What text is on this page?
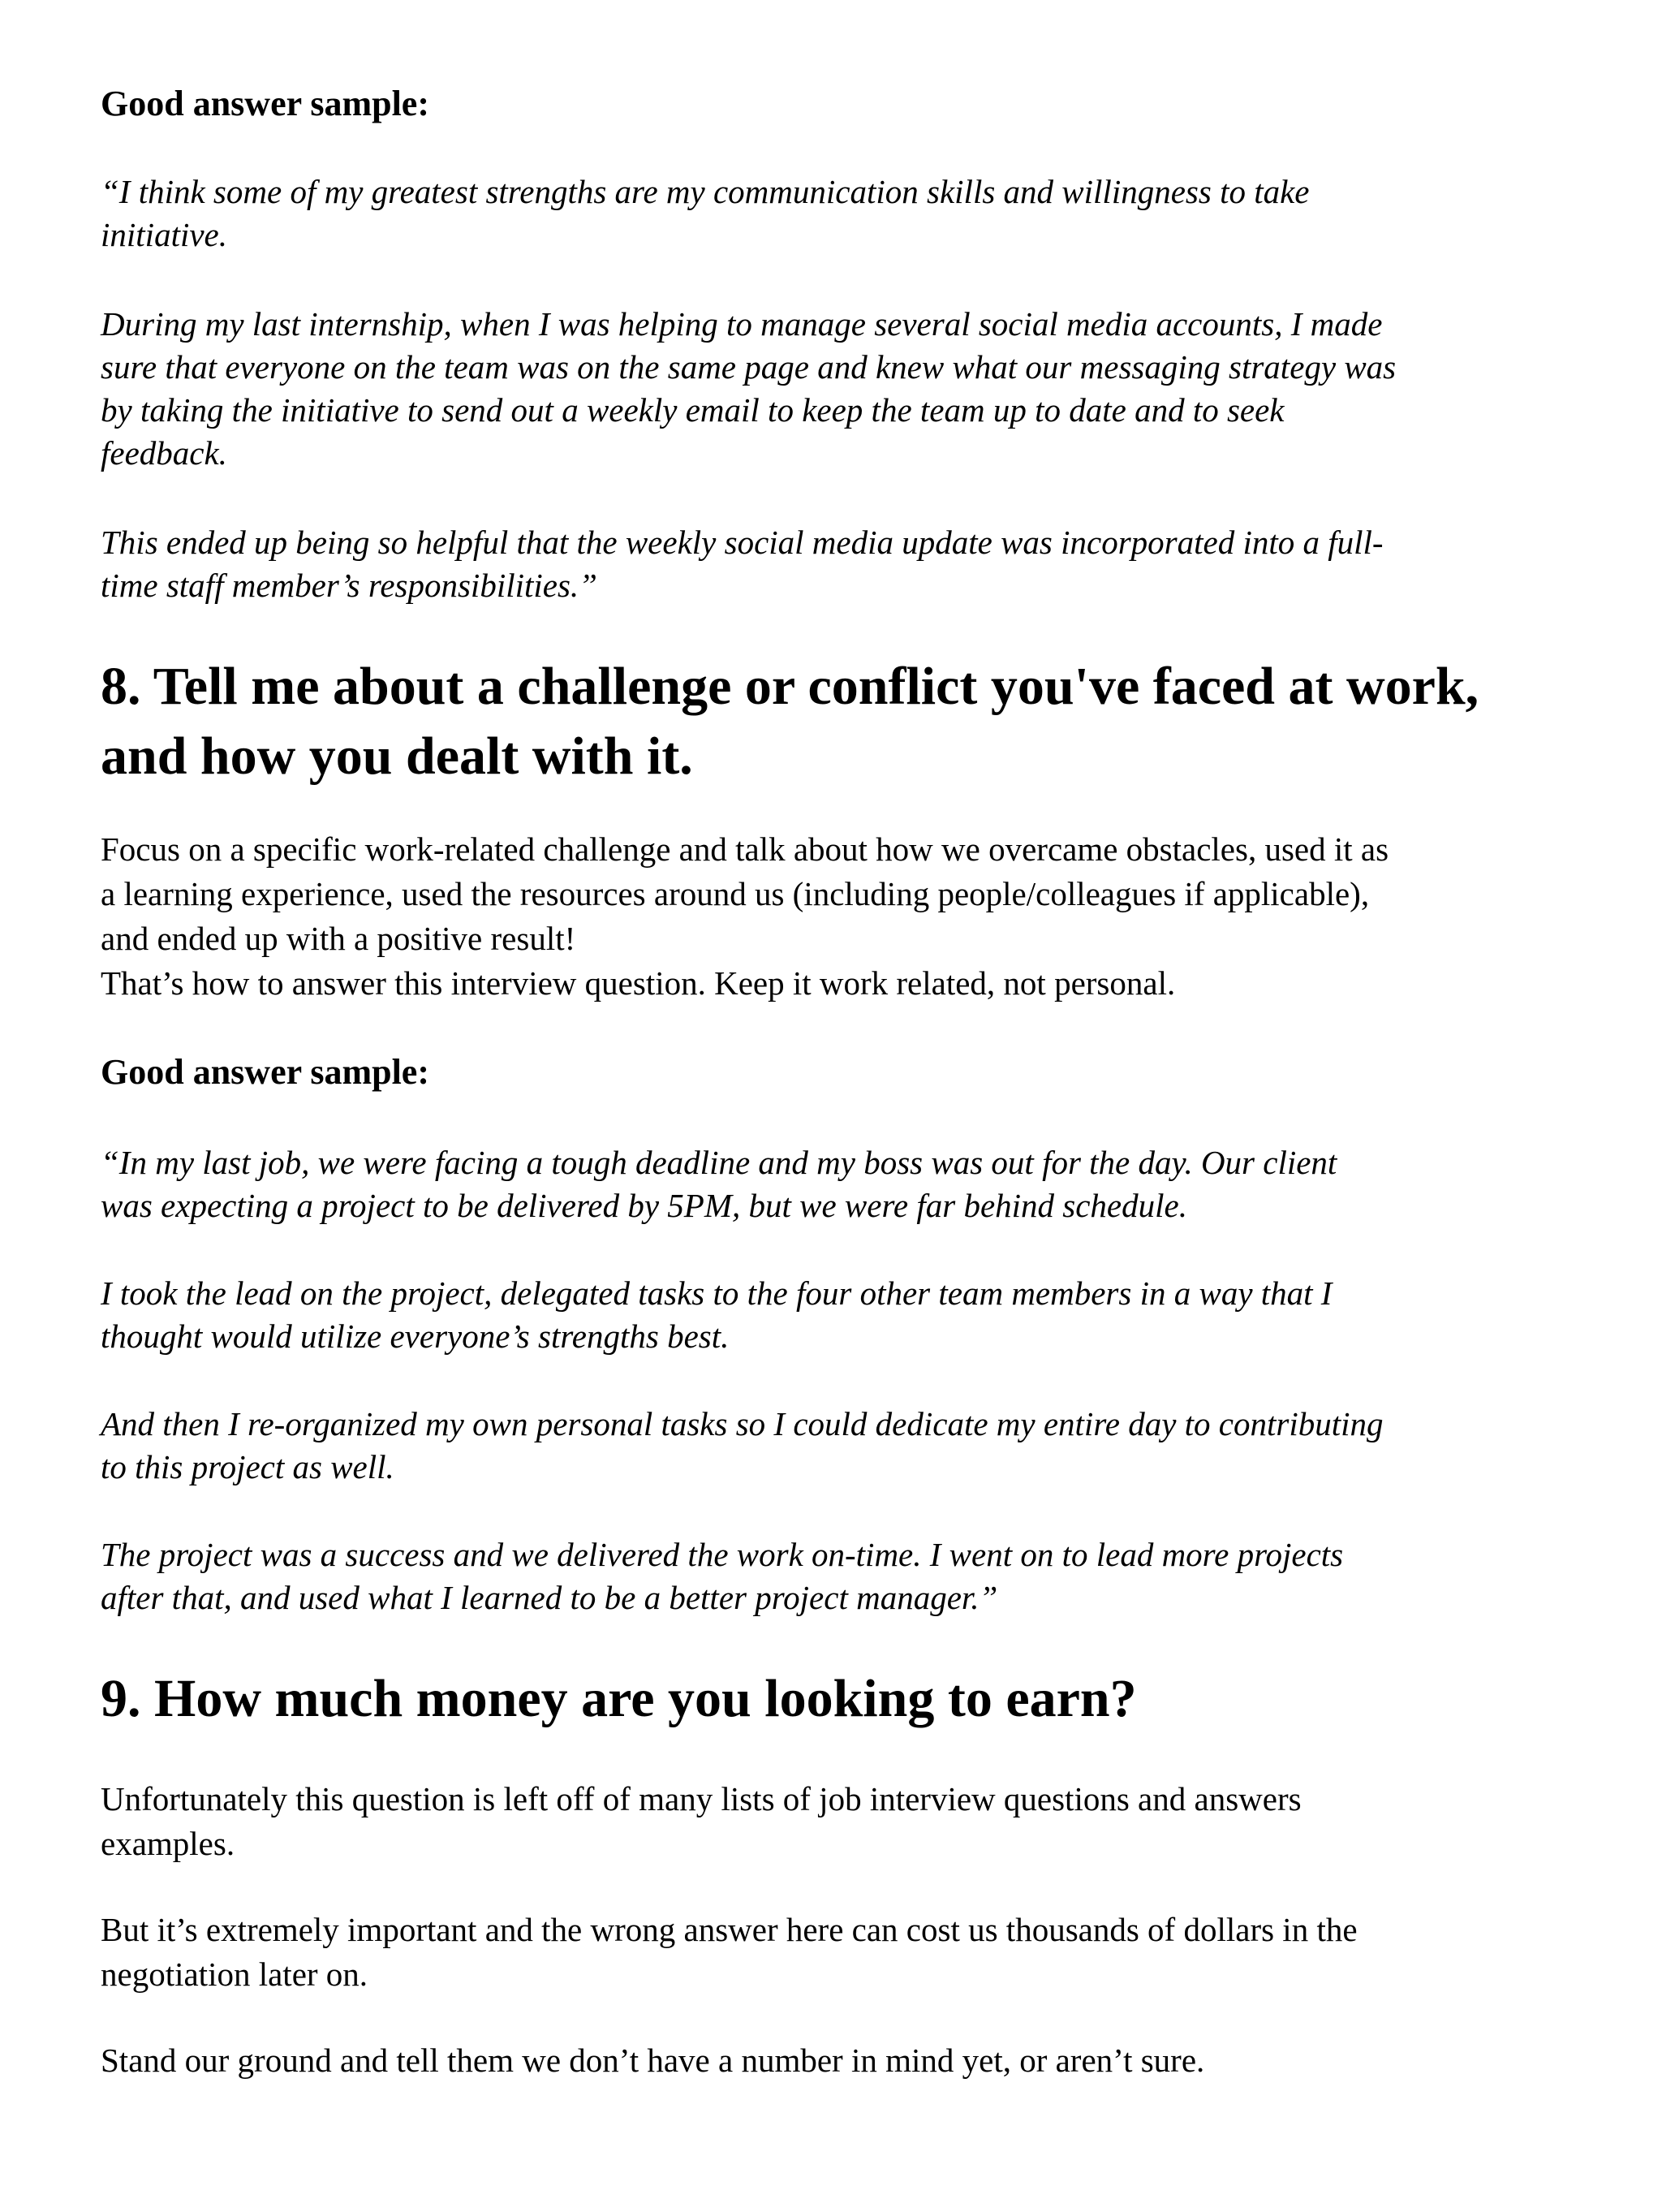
Good answer sample:

“I think some of my greatest strengths are my communication skills and willingness to take
initiative.

During my last internship, when I was helping to manage several social media accounts, I made
sure that everyone on the team was on the same page and knew what our messaging strategy was
by taking the initiative to send out a weekly email to keep the team up to date and to seek
feedback.

This ended up being so helpful that the weekly social media update was incorporated into a full-
time staff member’s responsibilities.”

8. Tell me about a challenge or conflict you've faced at work,
and how you dealt with it.

Focus on a specific work-related challenge and talk about how we overcame obstacles, used it as
a learning experience, used the resources around us (including people/colleagues if applicable),
and ended up with a positive result!
That’s how to answer this interview question. Keep it work related, not personal.

Good answer sample:

“In my last job, we were facing a tough deadline and my boss was out for the day. Our client
was expecting a project to be delivered by 5PM, but we were far behind schedule.

I took the lead on the project, delegated tasks to the four other team members in a way that I
thought would utilize everyone’s strengths best.

And then I re-organized my own personal tasks so I could dedicate my entire day to contributing
to this project as well.

The project was a success and we delivered the work on-time. I went on to lead more projects
after that, and used what I learned to be a better project manager.”

9. How much money are you looking to earn?

Unfortunately this question is left off of many lists of job interview questions and answers
examples.

But it’s extremely important and the wrong answer here can cost us thousands of dollars in the
negotiation later on.

Stand our ground and tell them we don’t have a number in mind yet, or aren’t sure.
